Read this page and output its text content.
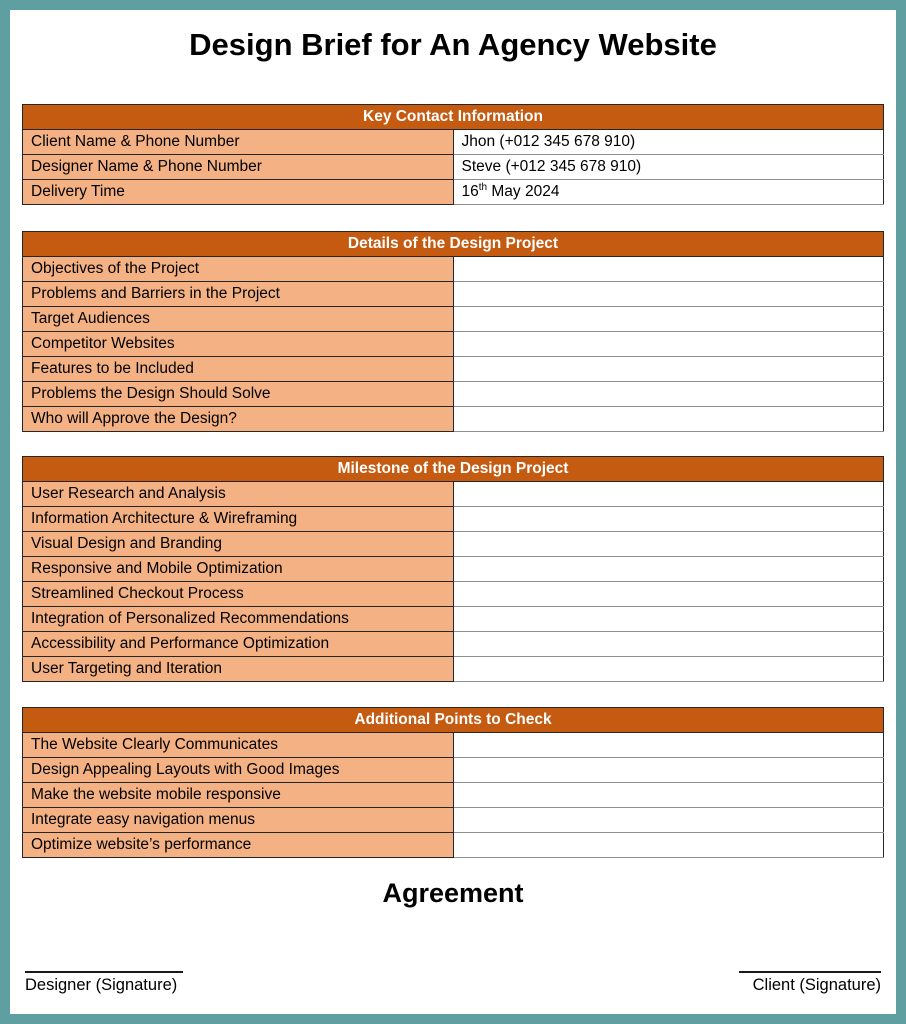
Design Brief for An Agency Website
Key Contact Information	
Client Name & Phone Number	Jhon (+012 345 678 910)
Designer Name & Phone Number	Steve (+012 345 678 910)
Delivery Time	16th May 2024
Details of the Design Project	
Objectives of the Project	
Problems and Barriers in the Project	
Target Audiences	
Competitor Websites	
Features to be Included	
Problems the Design Should Solve	
Who will Approve the Design?	
Milestone of the Design Project	
User Research and Analysis	
Information Architecture & Wireframing	
Visual Design and Branding	
Responsive and Mobile Optimization	
Streamlined Checkout Process	
Integration of Personalized Recommendations	
Accessibility and Performance Optimization	
User Targeting and Iteration	
Additional Points to Check	
The Website Clearly Communicates	
Design Appealing Layouts with Good Images	
Make the website mobile responsive	
Integrate easy navigation menus	
Optimize website’s performance	
Agreement
Designer (Signature)	Client (Signature)
